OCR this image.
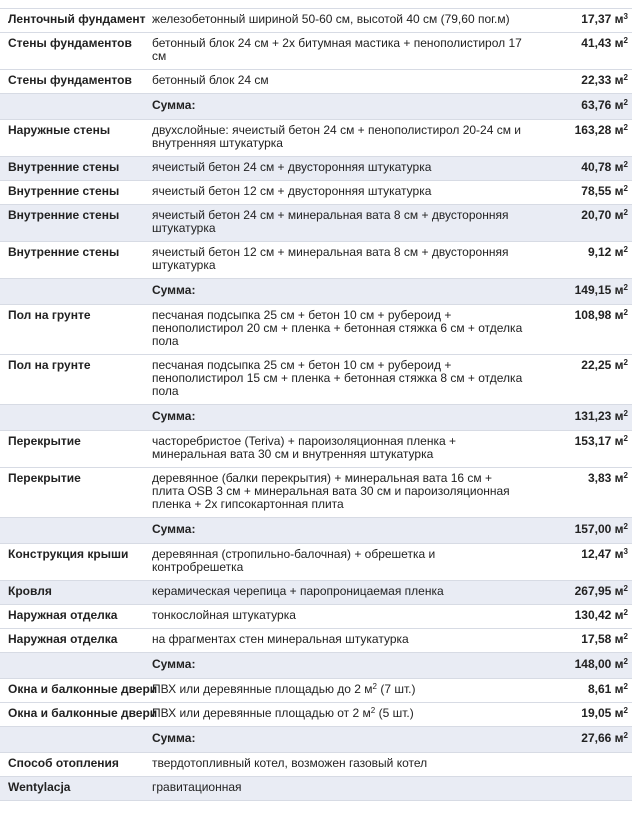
Ленточный фундамент	железобетонный шириной 50-60 см, высотой 40 см (79,60 пог.м)	17,37 $м^3$
Стены фундаментов	бетонный блок 24 см + 2х битумная мастика + пенополистирол 17 см	41,43 $м^2$
Стены фундаментов	бетонный блок 24 см	22,33 $м^2$
	Сумма:	63,76 $м^2$
Наружные стены	двухслойные: ячеистый бетон 24 см + пенополистирол 20-24 см и внутренняя штукатурка	163,28 $м^2$
Внутренние стены	ячеистый бетон 24 см + двусторонняя штукатурка	40,78 $м^2$
Внутренние стены	ячеистый бетон 12 см + двусторонняя штукатурка	78,55 $м^2$
Внутренние стены	ячеистый бетон 24 см + минеральная вата 8 см + двусторонняя штукатурка	20,70 $м^2$
Внутренние стены	ячеистый бетон 12 см + минеральная вата 8 см + двусторонняя штукатурка	9,12 $м^2$
	Сумма:	149,15 $м^2$
Пол на грунте	песчаная подсыпка 25 см + бетон 10 см + рубероид + пенополистирол 20 см + пленка + бетонная стяжка 6 см + отделка пола	108,98 $м^2$
Пол на грунте	песчаная подсыпка 25 см + бетон 10 см + рубероид + пенополистирол 15 см + пленка + бетонная стяжка 8 см + отделка пола	22,25 $м^2$
	Сумма:	131,23 $м^2$
Перекрытие	часторебристое (Teriva) + пароизоляционная пленка + минеральная вата 30 см и внутренняя штукатурка	153,17 $м^2$
Перекрытие	деревянное (балки перекрытия) + минеральная вата 16 см + плита OSB 3 см + минеральная вата 30 см и пароизоляционная пленка + 2х гипсокартонная плита	3,83 $м^2$
	Сумма:	157,00 $м^2$
Конструкция крыши	деревянная (стропильно-балочная) + обрешетка и контробрешетка	12,47 $м^3$
Кровля	керамическая черепица + паропроницаемая пленка	267,95 $м^2$
Наружная отделка	тонкослойная штукатурка	130,42 $м^2$
Наружная отделка	на фрагментах стен минеральная штукатурка	17,58 $м^2$
	Сумма:	148,00 $м^2$
Окна и балконные двери	ПВХ или деревянные площадью до 2 $м^2$ (7 шт.)	8,61 $м^2$
Окна и балконные двери	ПВХ или деревянные площадью от 2 $м^2$ (5 шт.)	19,05 $м^2$
	Сумма:	27,66 $м^2$
Способ отопления	твердотопливный котел, возможен газовый котел	
Wentylacja	гравитационная	
